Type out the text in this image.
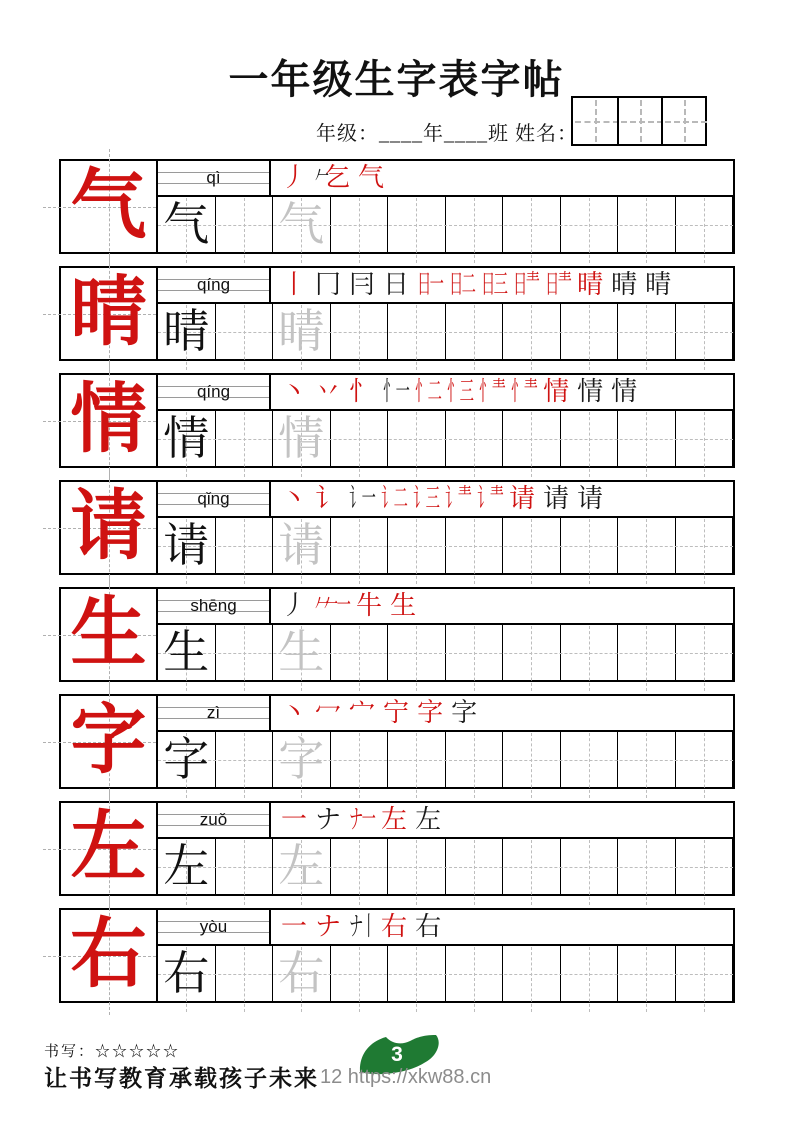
一年级生字表字帖
年级：____年____班 姓名：
气	qì	丿 𠂉
乞 气
气 气
晴	qíng	丨 冂 冃 日 日一 日二 日三 日龶 日龶 晴 晴 晴
晴 晴
情	qíng	丶 丷 忄 忄一 忄二 忄三 忄龶 忄龶 情 情 情
情 情
请	qǐng	丶 讠 讠一 讠二 讠三 讠龶 讠龶 请 请 请
请 请
生	shēng	丿 𠂉
𠂉一 牛 生
生 生
字	zì	丶 冖 宀 宁 字 字
字 字
左	zuǒ	一 ナ ナ一 左 左
左 左
右	yòu	一 ナ ナ丨 右 右
右 右
书写：☆☆☆☆☆
让书写教育承载孩子未来
3
12 https://xkw88.cn
